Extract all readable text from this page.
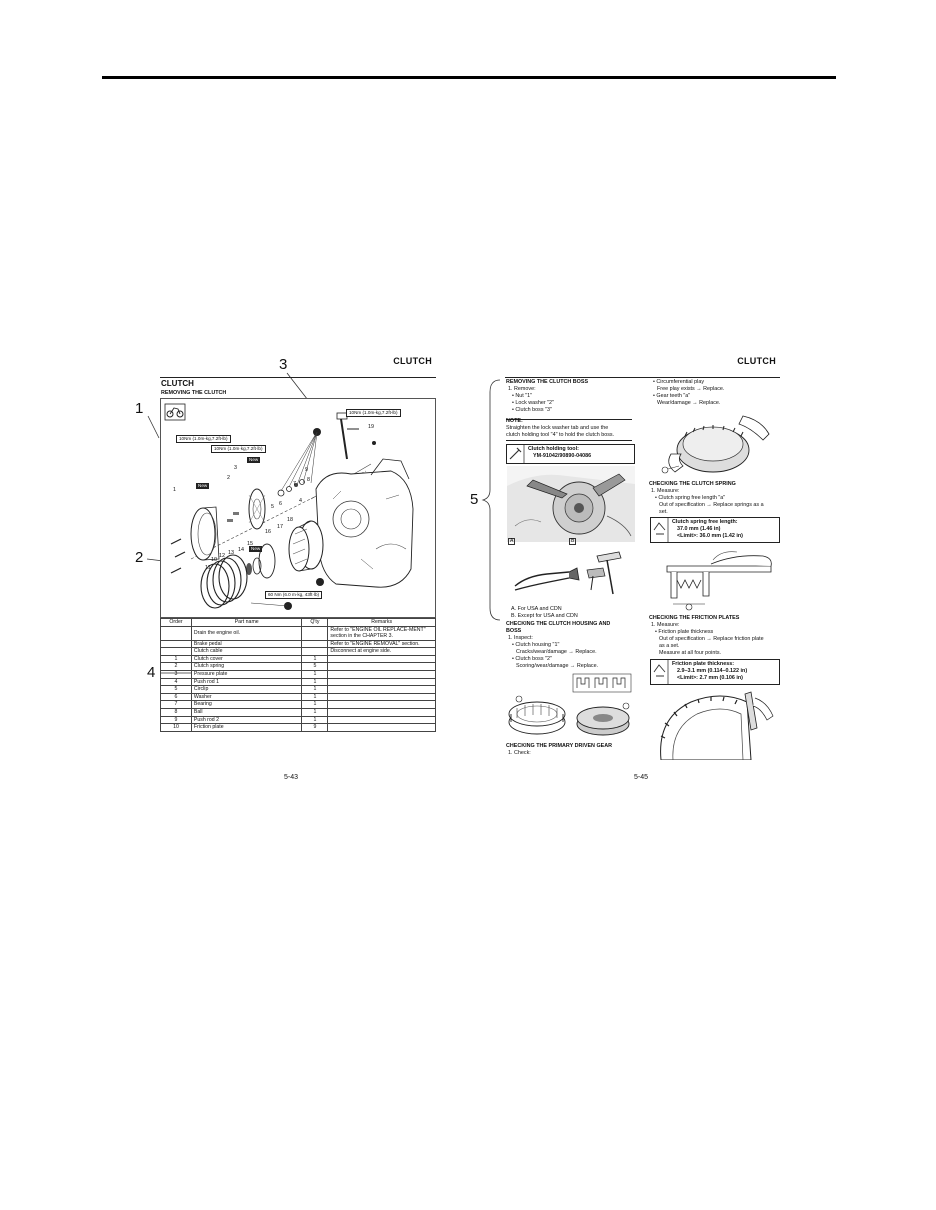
3
1
2
4
5
CLUTCH
CLUTCH
REMOVING THE CLUTCH
10Nm (1.0m-kg,7.2ft-lb)
10Nm (1.0m-kg,7.2ft-lb)
10Nm (1.0m·kg,7.2ft·lb)
60 Nm (6.0 m·kg, 43ft·lb)
New
New
New
1
2
3
4
5 6
7
8
9
10
11
12 13 14
15
16
17
18
19
Order	Part name	Q'ty	Remarks
	Drain the engine oil.		Refer to "ENGINE OIL REPLACE-MENT" section in the CHAPTER 3.
	Brake pedal		Refer to "ENGINE REMOVAL" section.
	Clutch cable		Disconnect at engine side.
1	Clutch cover	1	
2	Clutch spring	5	
3	Pressure plate	1	
4	Push rod 1	1	
5	Circlip	1	
6	Washer	1	
7	Bearing	1	
8	Ball	1	
9	Push rod 2	1	
10	Friction plate	9	
5-43
CLUTCH
REMOVING THE CLUTCH BOSS
1. Remove:
• Nut "1"
• Lock washer "2"
• Clutch boss "3"
NOTE:
Straighten the lock washer tab and use the
clutch holding tool "4" to hold the clutch boss.
Clutch holding tool:
YM-91042/90890-04086
A	B
A. For USA and CDN
B. Except for USA and CDN
CHECKING THE CLUTCH HOUSING AND
BOSS
1. Inspect:
• Clutch housing "1"
Cracks/wear/damage → Replace.
• Clutch boss "2"
Scoring/wear/damage → Replace.
CHECKING THE PRIMARY DRIVEN GEAR
1. Check:
• Circumferential play
Free play exists → Replace.
• Gear teeth "a"
Wear/damage → Replace.
CHECKING THE CLUTCH SPRING
1. Measure:
• Clutch spring free length "a"
Out of specification → Replace springs as a
set.
Clutch spring free length:
37.0 mm (1.46 in)
<Limit>: 36.0 mm (1.42 in)
CHECKING THE FRICTION PLATES
1. Measure:
• Friction plate thickness
Out of specification → Replace friction plate
as a set.
Measure at all four points.
Friction plate thickness:
2.9–3.1 mm (0.114–0.122 in)
<Limit>: 2.7 mm (0.106 in)
5-45
